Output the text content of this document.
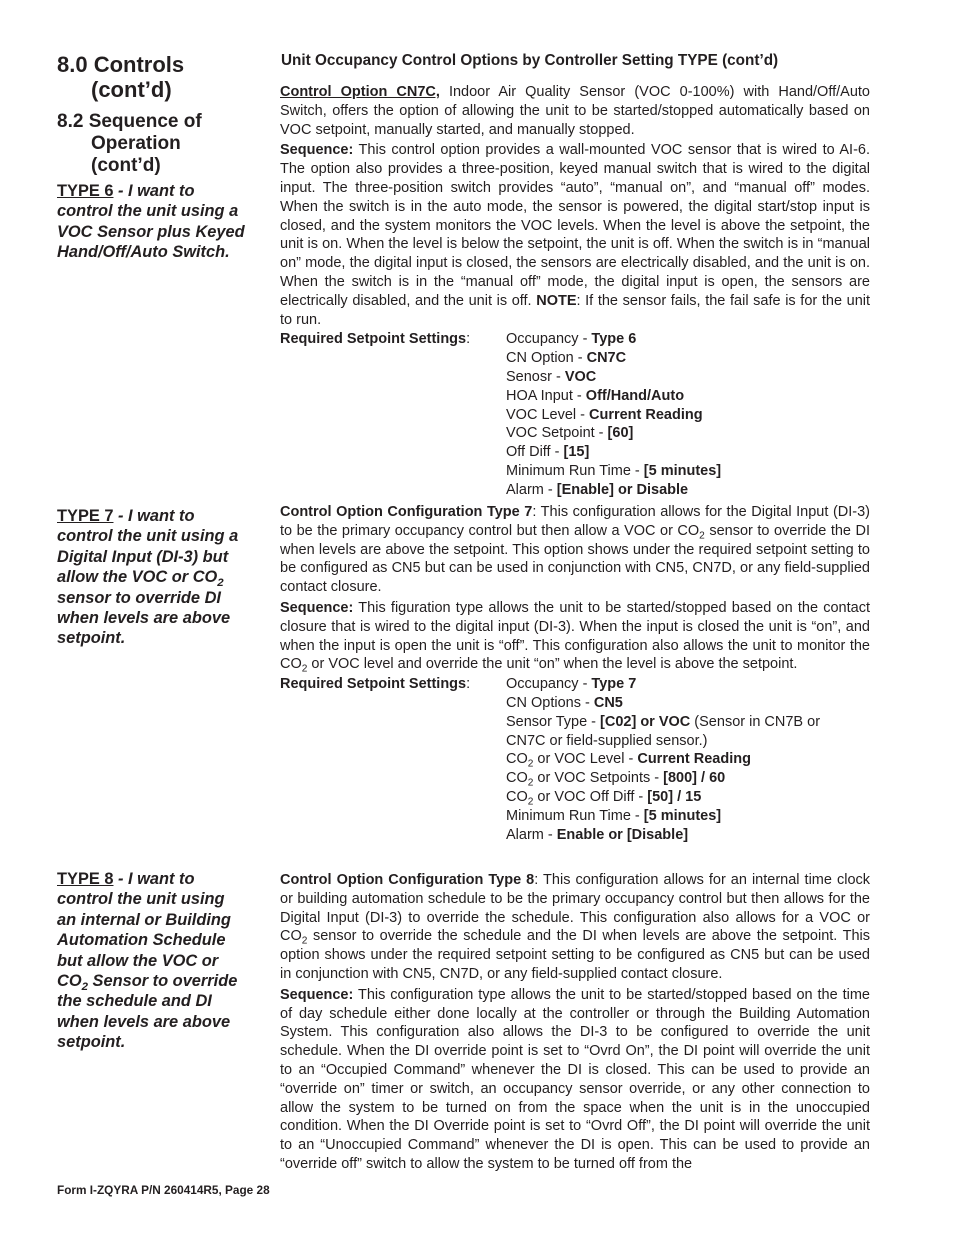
8.0 Controls
(cont’d)
8.2 Sequence of
Operation
(cont’d)
TYPE 6 - I want to
control the unit using a
VOC Sensor plus Keyed
Hand/Off/Auto Switch.
TYPE 7 - I want to
control the unit using a
Digital Input (DI-3) but
allow the VOC or $CO_2$
sensor to override DI
when levels are above
setpoint.
TYPE 8 - I want to
control the unit using
an internal or Building
Automation Schedule
but allow the VOC or
$CO_2$ Sensor to override
the schedule and DI
when levels are above
setpoint.
Unit Occupancy Control Options by Controller Setting TYPE (cont’d)

Control Option CN7C, Indoor Air Quality Sensor (VOC 0-100%) with Hand/Off/Auto Switch, offers the option of allowing the unit to be started/stopped automatically based on VOC setpoint, manually started, and manually stopped.

Sequence: This control option provides a wall-mounted VOC sensor that is wired to AI-6. The option also provides a three-position, keyed manual switch that is wired to the digital input. The three-position switch provides “auto”, “manual on”, and “manual off” modes. When the switch is in the auto mode, the sensor is powered, the digital start/stop input is closed, and the system monitors the VOC levels. When the level is above the setpoint, the unit is on. When the level is below the setpoint, the unit is off. When the switch is in “manual on” mode, the digital input is closed, the sensors are electrically disabled, and the unit is on. When the switch is in the “manual off” mode, the digital input is open, the sensors are electrically disabled, and the unit is off. NOTE: If the sensor fails, the fail safe is for the unit to run.

Required Setpoint Settings:	Occupancy - Type 6
CN Option - CN7C
Senosr - VOC
HOA Input - Off/Hand/Auto
VOC Level - Current Reading
VOC Setpoint - [60]
Off Diff - [15]
Minimum Run Time - [5 minutes]
Alarm - [Enable] or Disable

Control Option Configuration Type 7: This configuration allows for the Digital Input (DI-3) to be the primary occupancy control but then allow a VOC or $CO_2$ sensor to override the DI when levels are above the setpoint. This option shows under the required setpoint setting to be configured as CN5 but can be used in conjunction with CN5, CN7D, or any field-supplied contact closure.

Sequence: This figuration type allows the unit to be started/stopped based on the contact closure that is wired to the digital input (DI-3). When the input is closed the unit is “on”, and when the input is open the unit is “off”. This configuration also allows the unit to monitor the $CO_2$ or VOC level and override the unit “on” when the level is above the setpoint.

Required Setpoint Settings:	Occupancy - Type 7
CN Options - CN5
Sensor Type - [C02] or VOC (Sensor in CN7B or
CN7C or field-supplied sensor.)
$CO_2$ or VOC Level - Current Reading
$CO_2$ or VOC Setpoints - [800] / 60
$CO_2$ or VOC Off Diff - [50] / 15
Minimum Run Time - [5 minutes]
Alarm - Enable or [Disable]

Control Option Configuration Type 8: This configuration allows for an internal time clock or building automation schedule to be the primary occupancy control but then allows for the Digital Input (DI-3) to override the schedule. This configuration also allows for a VOC or $CO_2$ sensor to override the schedule and the DI when levels are above the setpoint. This option shows under the required setpoint setting to be configured as CN5 but can be used in conjunction with CN5, CN7D, or any field-supplied contact closure.

Sequence: This configuration type allows the unit to be started/stopped based on the time of day schedule either done locally at the controller or through the Building Automation System. This configuration also allows the DI-3 to be configured to override the unit schedule. When the DI override point is set to “Ovrd On”, the DI point will override the unit to an “Occupied Command” whenever the DI is closed. This can be used to provide an “override on” timer or switch, an occupancy sensor override, or any other connection to allow the system to be turned on from the space when the unit is in the unoccupied condition. When the DI Override point is set to “Ovrd Off”, the DI point will override the unit to an “Unoccupied Command” whenever the DI is open. This can be used to provide an “override off” switch to allow the system to be turned off from the

Form I-ZQYRA P/N 260414R5, Page 28
